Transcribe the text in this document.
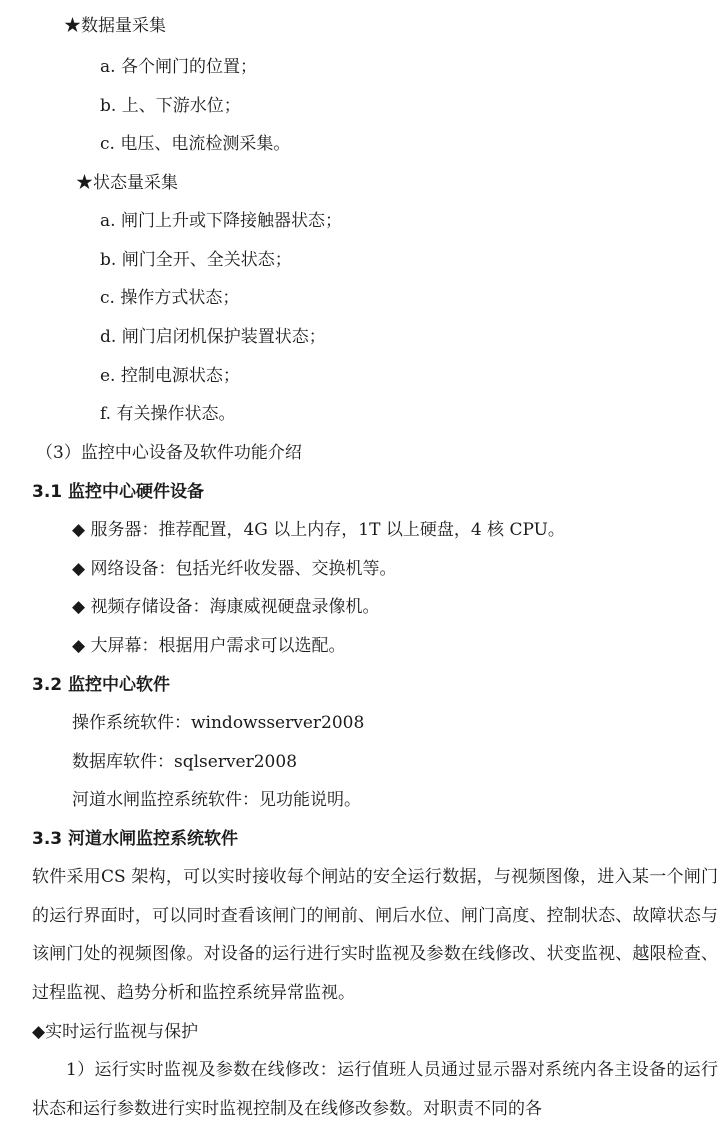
★数据量采集
a. 各个闸门的位置；
b. 上、下游水位；
c. 电压、电流检测采集。
★状态量采集
a. 闸门上升或下降接触器状态；
b. 闸门全开、全关状态；
c. 操作方式状态；
d. 闸门启闭机保护装置状态；
e. 控制电源状态；
f. 有关操作状态。
（3）监控中心设备及软件功能介绍
3.1 监控中心硬件设备
◆ 服务器：推荐配置，4G 以上内存，1T 以上硬盘，4 核 CPU。
◆ 网络设备：包括光纤收发器、交换机等。
◆ 视频存储设备：海康威视硬盘录像机。
◆ 大屏幕：根据用户需求可以选配。
3.2 监控中心软件
操作系统软件：windowsserver2008
数据库软件：sqlserver2008
河道水闸监控系统软件：见功能说明。
3.3 河道水闸监控系统软件
软件采用CS 架构，可以实时接收每个闸站的安全运行数据，与视频图像，进入某一个闸门的运行界面时，可以同时查看该闸门的闸前、闸后水位、闸门高度、控制状态、故障状态与该闸门处的视频图像。对设备的运行进行实时监视及参数在线修改、状变监视、越限检查、过程监视、趋势分析和监控系统异常监视。
◆实时运行监视与保护
1）运行实时监视及参数在线修改：运行值班人员通过显示器对系统内各主设备的运行状态和运行参数进行实时监视控制及在线修改参数。对职责不同的各
